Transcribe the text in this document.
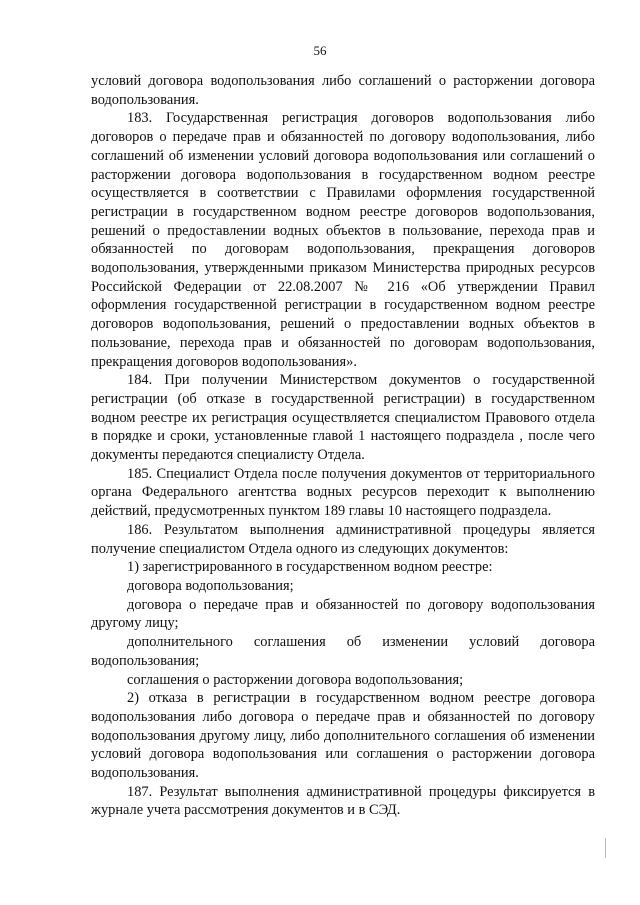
56

условий договора водопользования либо соглашений о расторжении договора водопользования.

183. Государственная регистрация договоров водопользования либо договоров о передаче прав и обязанностей по договору водопользования, либо соглашений об изменении условий договора водопользования или соглашений о расторжении договора водопользования в государственном водном реестре осуществляется в соответствии с Правилами оформления государственной регистрации в государственном водном реестре договоров водопользования, решений о предоставлении водных объектов в пользование, перехода прав и обязанностей по договорам водопользования, прекращения договоров водопользования, утвержденными приказом Министерства природных ресурсов Российской Федерации от 22.08.2007 № 216 «Об утверждении Правил оформления государственной регистрации в государственном водном реестре договоров водопользования, решений о предоставлении водных объектов в пользование, перехода прав и обязанностей по договорам водопользования, прекращения договоров водопользования».

184. При получении Министерством документов о государственной регистрации (об отказе в государственной регистрации) в государственном водном реестре их регистрация осуществляется специалистом Правового отдела в порядке и сроки, установленные главой 1 настоящего подраздела , после чего документы передаются специалисту Отдела.

185. Специалист Отдела после получения документов от территориального органа Федерального агентства водных ресурсов переходит к выполнению действий, предусмотренных пунктом 189 главы 10 настоящего подраздела.

186. Результатом выполнения административной процедуры является получение специалистом Отдела одного из следующих документов:

1) зарегистрированного в государственном водном реестре:

договора водопользования;

договора о передаче прав и обязанностей по договору водопользования другому лицу;

дополнительного соглашения об изменении условий договора водопользования;

соглашения о расторжении договора водопользования;

2) отказа в регистрации в государственном водном реестре договора водопользования либо договора о передаче прав и обязанностей по договору водопользования другому лицу, либо дополнительного соглашения об изменении условий договора водопользования или соглашения о расторжении договора водопользования.

187. Результат выполнения административной процедуры фиксируется в журнале учета рассмотрения документов и в СЭД.
